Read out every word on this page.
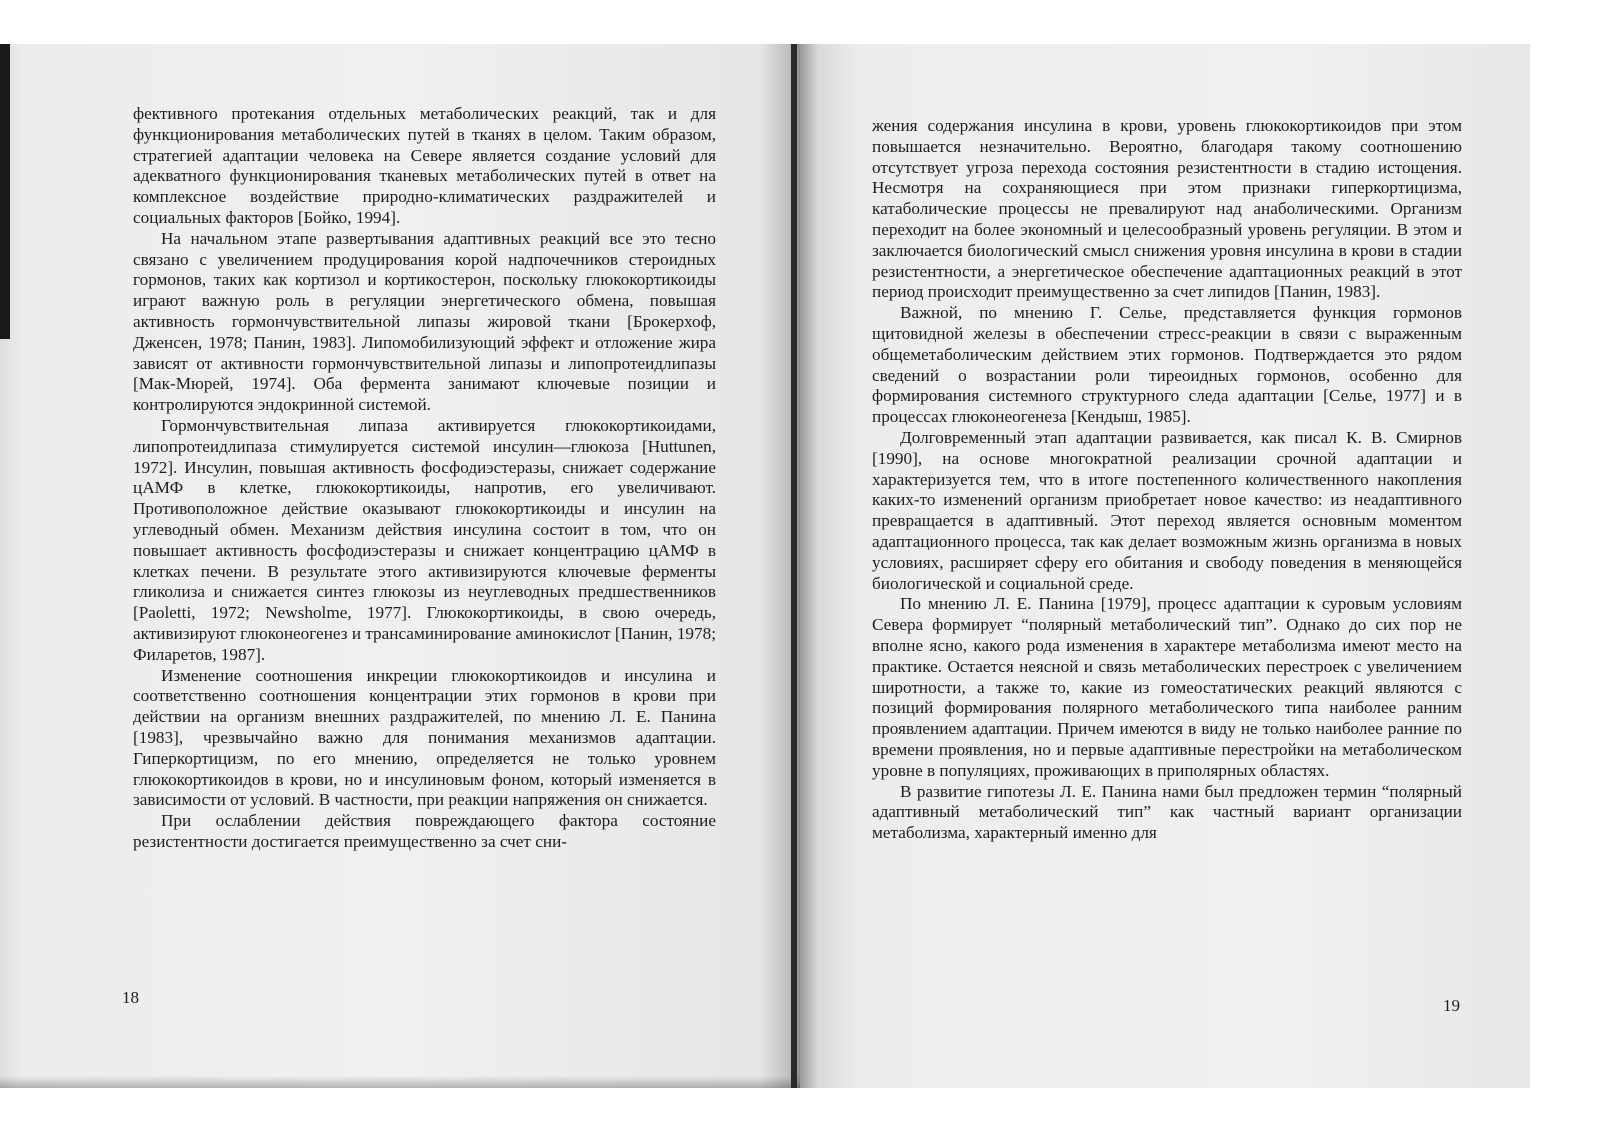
фективного протекания отдельных метаболических реакций, так и для функционирования метаболических путей в тканях в целом. Таким образом, стратегией адаптации человека на Севере является создание условий для адекватного функционирования тканевых метаболических путей в ответ на комплексное воздействие природно-климатических раздражителей и социальных факторов [Бойко, 1994].

На начальном этапе развертывания адаптивных реакций все это тесно связано с увеличением продуцирования корой надпочечников стероидных гормонов, таких как кортизол и кортикостерон, поскольку глюкокортикоиды играют важную роль в регуляции энергетического обмена, повышая активность гормончувствительной липазы жировой ткани [Брокерхоф, Дженсен, 1978; Панин, 1983]. Липомобилизующий эффект и отложение жира зависят от активности гормончувствительной липазы и липопротеидлипазы [Мак-Мюрей, 1974]. Оба фермента занимают ключевые позиции и контролируются эндокринной системой.

Гормончувствительная липаза активируется глюкокортикоидами, липопротеидлипаза стимулируется системой инсулин—глюкоза [Huttunen, 1972]. Инсулин, повышая активность фосфодиэстеразы, снижает содержание цАМФ в клетке, глюкокортикоиды, напротив, его увеличивают. Противоположное действие оказывают глюкокортикоиды и инсулин на углеводный обмен. Механизм действия инсулина состоит в том, что он повышает активность фосфодиэстеразы и снижает концентрацию цАМФ в клетках печени. В результате этого активизируются ключевые ферменты гликолиза и снижается синтез глюкозы из неуглеводных предшественников [Paoletti, 1972; Newsholme, 1977]. Глюкокортикоиды, в свою очередь, активизируют глюконеогенез и трансаминирование аминокислот [Панин, 1978; Филаретов, 1987].

Изменение соотношения инкреции глюкокортикоидов и инсулина и соответственно соотношения концентрации этих гормонов в крови при действии на организм внешних раздражителей, по мнению Л. Е. Панина [1983], чрезвычайно важно для понимания механизмов адаптации. Гиперкортицизм, по его мнению, определяется не только уровнем глюкокортикоидов в крови, но и инсулиновым фоном, который изменяется в зависимости от условий. В частности, при реакции напряжения он снижается.

При ослаблении действия повреждающего фактора состояние резистентности достигается преимущественно за счет сни-

18

жения содержания инсулина в крови, уровень глюкокортикоидов при этом повышается незначительно. Вероятно, благодаря такому соотношению отсутствует угроза перехода состояния резистентности в стадию истощения. Несмотря на сохраняющиеся при этом признаки гиперкортицизма, катаболические процессы не превалируют над анаболическими. Организм переходит на более экономный и целесообразный уровень регуляции. В этом и заключается биологический смысл снижения уровня инсулина в крови в стадии резистентности, а энергетическое обеспечение адаптационных реакций в этот период происходит преимущественно за счет липидов [Панин, 1983].

Важной, по мнению Г. Селье, представляется функция гормонов щитовидной железы в обеспечении стресс-реакции в связи с выраженным общеметаболическим действием этих гормонов. Подтверждается это рядом сведений о возрастании роли тиреоидных гормонов, особенно для формирования системного структурного следа адаптации [Селье, 1977] и в процессах глюконеогенеза [Кендыш, 1985].

Долговременный этап адаптации развивается, как писал К. В. Смирнов [1990], на основе многократной реализации срочной адаптации и характеризуется тем, что в итоге постепенного количественного накопления каких-то изменений организм приобретает новое качество: из неадаптивного превращается в адаптивный. Этот переход является основным моментом адаптационного процесса, так как делает возможным жизнь организма в новых условиях, расширяет сферу его обитания и свободу поведения в меняющейся биологической и социальной среде.

По мнению Л. Е. Панина [1979], процесс адаптации к суровым условиям Севера формирует “полярный метаболический тип”. Однако до сих пор не вполне ясно, какого рода изменения в характере метаболизма имеют место на практике. Остается неясной и связь метаболических перестроек с увеличением широтности, а также то, какие из гомеостатических реакций являются с позиций формирования полярного метаболического типа наиболее ранним проявлением адаптации. Причем имеются в виду не только наиболее ранние по времени проявления, но и первые адаптивные перестройки на метаболическом уровне в популяциях, проживающих в приполярных областях.

В развитие гипотезы Л. Е. Панина нами был предложен термин “полярный адаптивный метаболический тип” как частный вариант организации метаболизма, характерный именно для

19
